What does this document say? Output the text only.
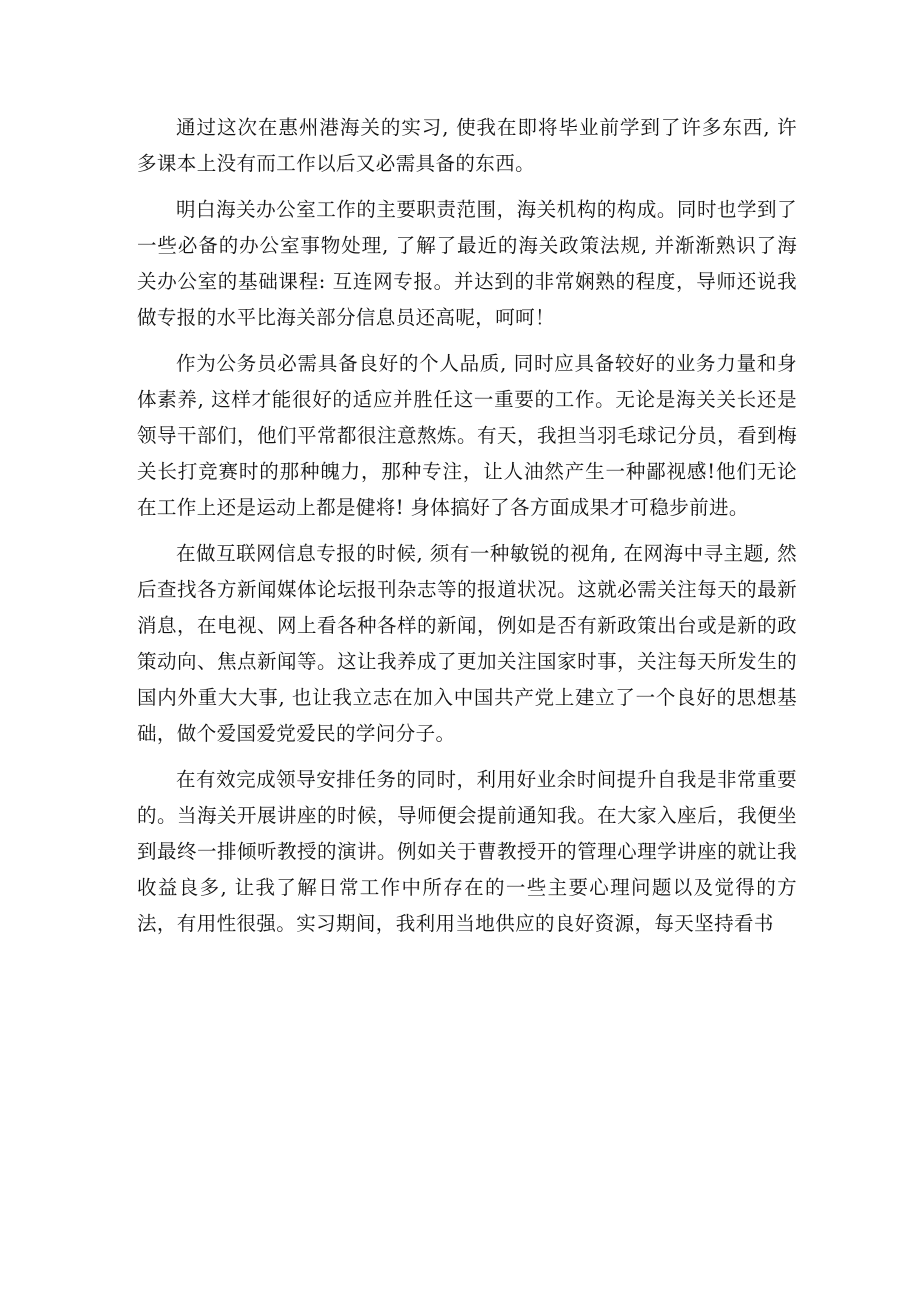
通过这次在惠州港海关的实习, 使我在即将毕业前学到了许多东西, 许多课本上没有而工作以后又必需具备的东西。

明白海关办公室工作的主要职责范围，海关机构的构成。同时也学到了一些必备的办公室事物处理, 了解了最近的海关政策法规, 并渐渐熟识了海关办公室的基础课程: 互连网专报。并达到的非常娴熟的程度，导师还说我做专报的水平比海关部分信息员还高呢，呵呵！

作为公务员必需具备良好的个人品质, 同时应具备较好的业务力量和身体素养, 这样才能很好的适应并胜任这一重要的工作。无论是海关关长还是领导干部们，他们平常都很注意熬炼。有天，我担当羽毛球记分员，看到梅关长打竞赛时的那种魄力，那种专注，让人油然产生一种鄙视感!他们无论在工作上还是运动上都是健将! 身体搞好了各方面成果才可稳步前进。

在做互联网信息专报的时候, 须有一种敏锐的视角, 在网海中寻主题, 然后查找各方新闻媒体论坛报刊杂志等的报道状况。这就必需关注每天的最新消息，在电视、网上看各种各样的新闻，例如是否有新政策出台或是新的政策动向、焦点新闻等。这让我养成了更加关注国家时事，关注每天所发生的国内外重大大事, 也让我立志在加入中国共产党上建立了一个良好的思想基础，做个爱国爱党爱民的学问分子。

在有效完成领导安排任务的同时，利用好业余时间提升自我是非常重要的。当海关开展讲座的时候，导师便会提前通知我。在大家入座后，我便坐到最终一排倾听教授的演讲。例如关于曹教授开的管理心理学讲座的就让我收益良多, 让我了解日常工作中所存在的一些主要心理问题以及觉得的方法，有用性很强。实习期间，我利用当地供应的良好资源，每天坚持看书
